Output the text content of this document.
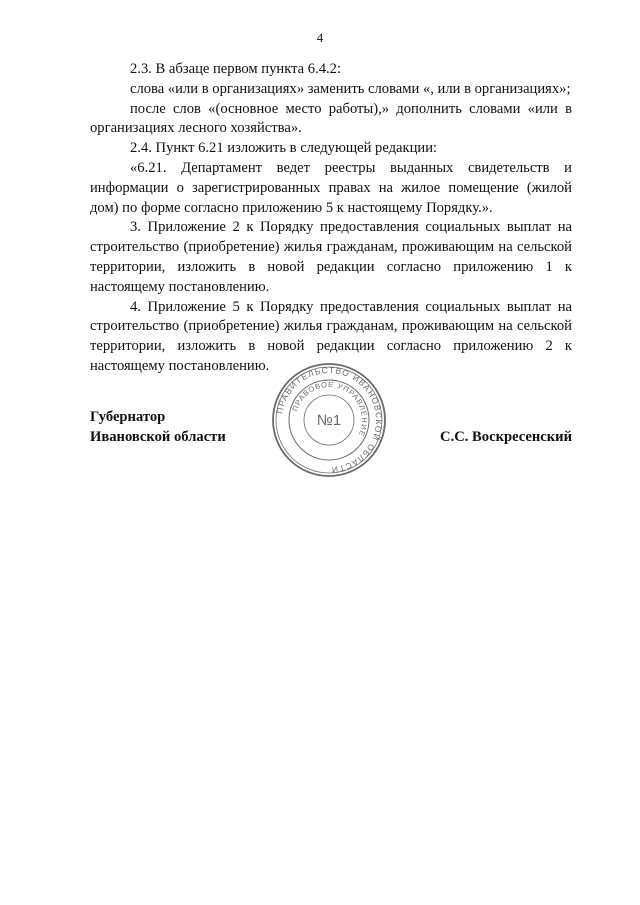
4

2.3. В абзаце первом пункта 6.4.2:

слова «или в организациях» заменить словами «, или в организациях»;

после слов «(основное место работы),» дополнить словами «или в организациях лесного хозяйства».

2.4. Пункт 6.21 изложить в следующей редакции:

«6.21. Департамент ведет реестры выданных свидетельств и информации о зарегистрированных правах на жилое помещение (жилой дом) по форме согласно приложению 5 к настоящему Порядку.».

3. Приложение 2 к Порядку предоставления социальных выплат на строительство (приобретение) жилья гражданам, проживающим на сельской территории, изложить в новой редакции согласно приложению 1 к настоящему постановлению.

4. Приложение 5 к Порядку предоставления социальных выплат на строительство (приобретение) жилья гражданам, проживающим на сельской территории, изложить в новой редакции согласно приложению 2 к настоящему постановлению.

Губернатор
Ивановской области
ПРАВИТЕЛЬСТВО ИВАНОВСКОЙ ОБЛАСТИ
ПРАВОВОЕ УПРАВЛЕНИЕ
№1
С.С. Воскресенский
